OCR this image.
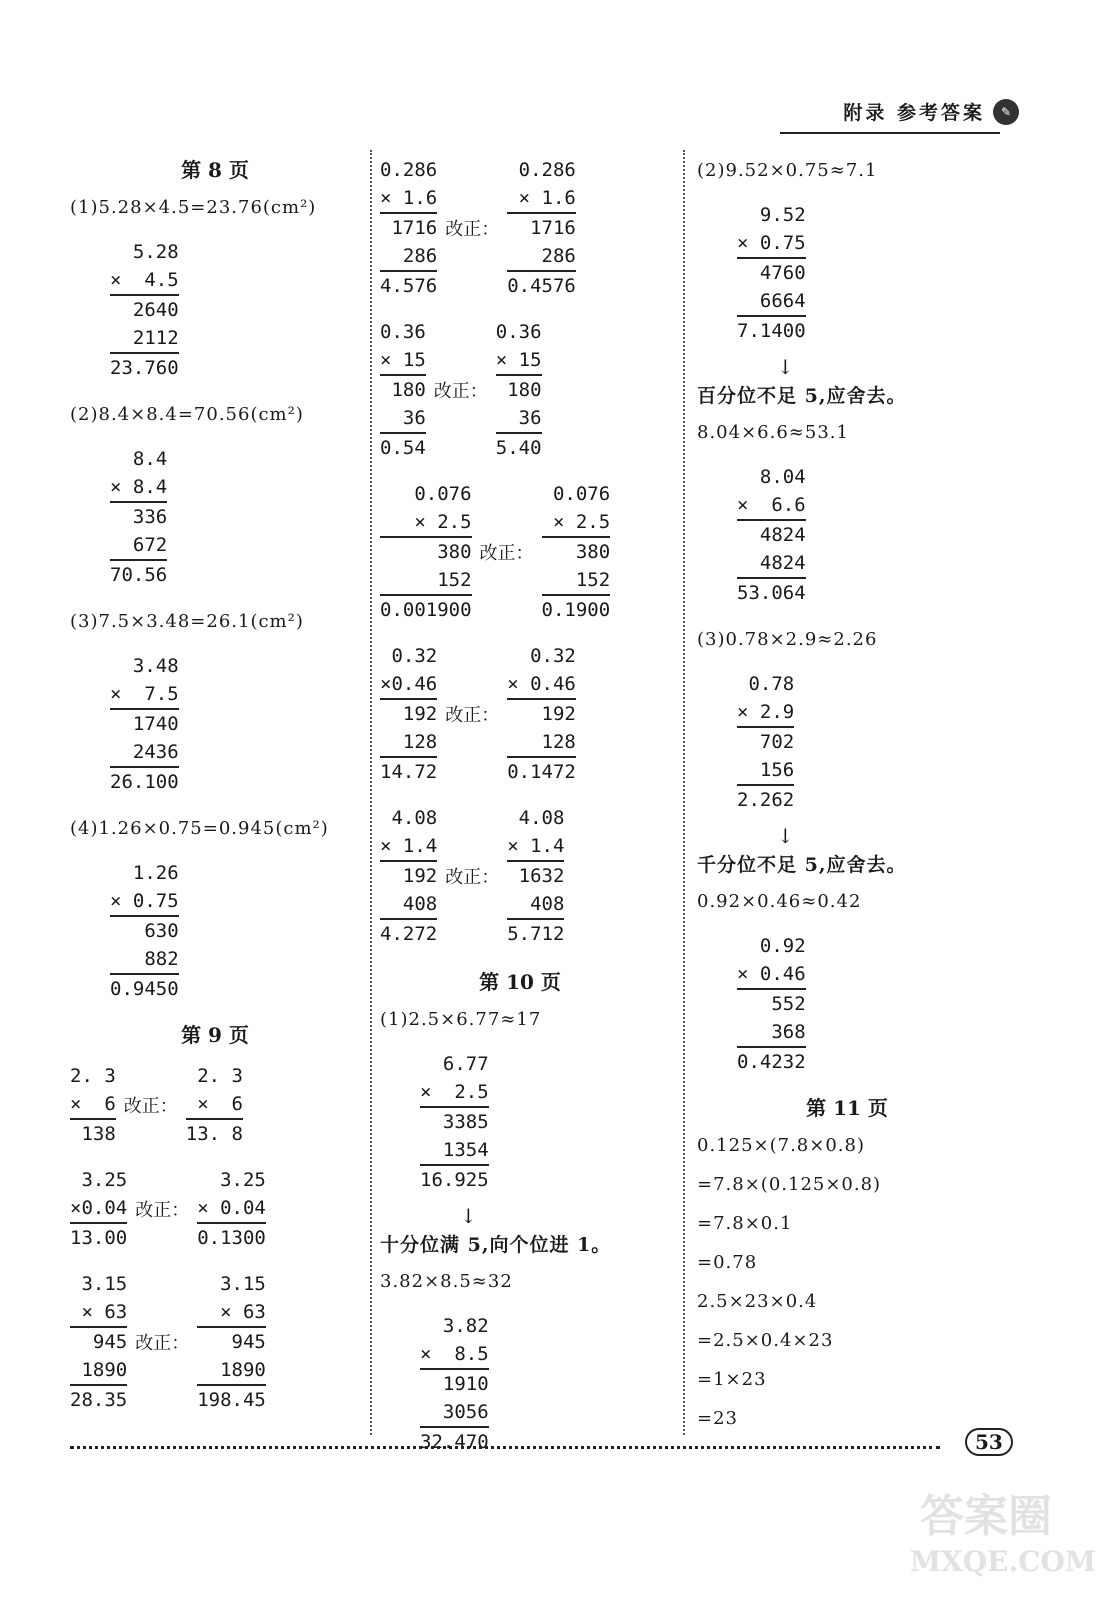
附录 参考答案	✎
第 8 页
(1)5.28×4.5=23.76(cm²)
5.28
×  4.5
2640
2112
23.760
(2)8.4×8.4=70.56(cm²)
8.4
× 8.4
336
672
70.56
(3)7.5×3.48=26.1(cm²)
3.48
×  7.5
1740
2436
26.100
(4)1.26×0.75=0.945(cm²)
1.26
× 0.75
630
882
0.9450
第 9 页
2. 3
×  6
138
改正：
2. 3
×  6
13. 8
3.25
×0.04
13.00
改正：
3.25
× 0.04
0.1300
3.15
× 63
945
1890
28.35
改正：
3.15
× 63
945
1890
198.45
0.286
× 1.6
1716
286
4.576
改正：
0.286
× 1.6
1716
286
0.4576
0.36
× 15
180
36
0.54
改正：
0.36
× 15
180
36
5.40
0.076
× 2.5
380
152
0.001900
改正：
0.076
× 2.5
380
152
0.1900
0.32
×0.46
192
128
14.72
改正：
0.32
× 0.46
192
128
0.1472
4.08
× 1.4
192
408
4.272
改正：
4.08
× 1.4
1632
408
5.712
第 10 页
(1)2.5×6.77≈17
6.77
×  2.5
3385
1354
16.925
↓
十分位满 5,向个位进 1。
3.82×8.5≈32
3.82
×  8.5
1910
3056
32.470
(2)9.52×0.75≈7.1
9.52
× 0.75
4760
6664
7.1400
↓
百分位不足 5,应舍去。
8.04×6.6≈53.1
8.04
×  6.6
4824
4824
53.064
(3)0.78×2.9≈2.26
0.78
× 2.9
702
156
2.262
↓
千分位不足 5,应舍去。
0.92×0.46≈0.42
0.92
× 0.46
552
368
0.4232
第 11 页
0.125×(7.8×0.8)
=7.8×(0.125×0.8)
=7.8×0.1
=0.78
2.5×23×0.4
=2.5×0.4×23
=1×23
=23
53
答案圈
MXQE.COM
